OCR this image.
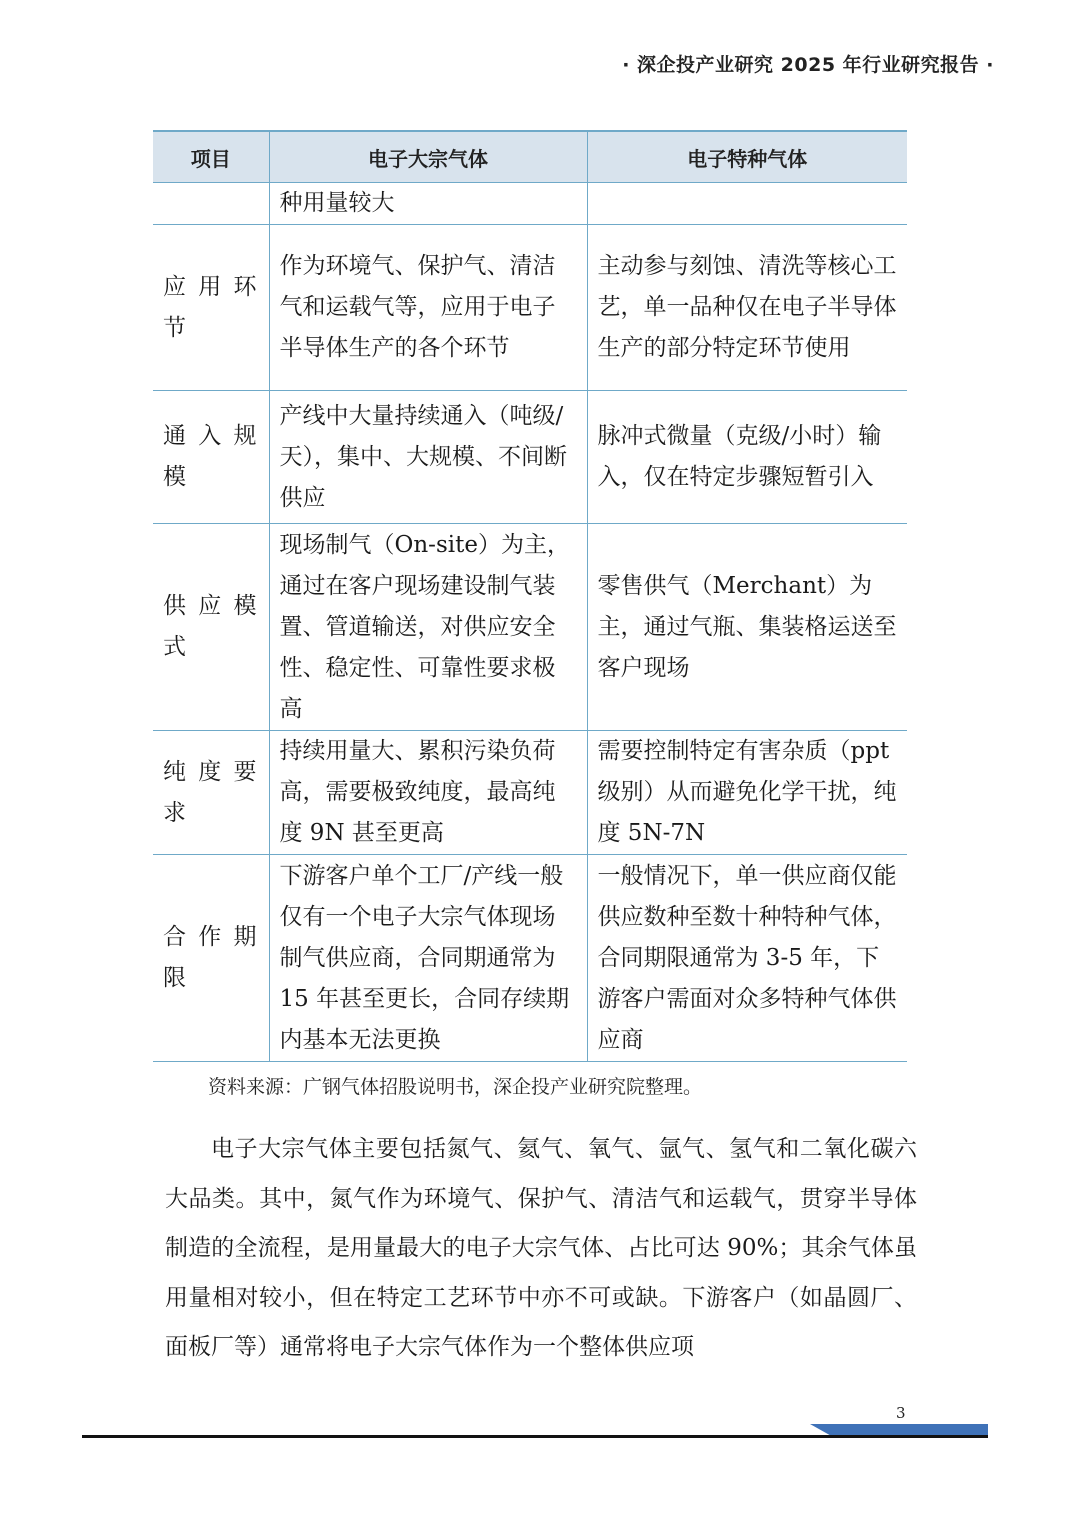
· 深企投产业研究 2025 年行业研究报告 ·
项目	电子大宗气体	电子特种气体
	种用量较大	
应用环节	作为环境气、保护气、清洁气和运载气等，应用于电子半导体生产的各个环节	主动参与刻蚀、清洗等核心工艺，单一品种仅在电子半导体生产的部分特定环节使用
通入规模	产线中大量持续通入（吨级/天），集中、大规模、不间断供应	脉冲式微量（克级/小时）输入，仅在特定步骤短暂引入
供应模式	现场制气（On-site）为主，通过在客户现场建设制气装置、管道输送，对供应安全性、稳定性、可靠性要求极高	零售供气（Merchant）为主，通过气瓶、集装格运送至客户现场
纯度要求	持续用量大、累积污染负荷高，需要极致纯度，最高纯度 9N 甚至更高	需要控制特定有害杂质（ppt 级别）从而避免化学干扰，纯度 5N-7N
合作期限	下游客户单个工厂/产线一般仅有一个电子大宗气体现场制气供应商，合同期通常为 15 年甚至更长，合同存续期内基本无法更换	一般情况下，单一供应商仅能供应数种至数十种特种气体，合同期限通常为 3-5 年，下游客户需面对众多特种气体供应商
资料来源：广钢气体招股说明书，深企投产业研究院整理。

电子大宗气体主要包括氮气、氦气、氧气、氩气、氢气和二氧化碳六大品类。其中，氮气作为环境气、保护气、清洁气和运载气，贯穿半导体制造的全流程，是用量最大的电子大宗气体、占比可达 90%；其余气体虽用量相对较小，但在特定工艺环节中亦不可或缺。下游客户（如晶圆厂、面板厂等）通常将电子大宗气体作为一个整体供应项

3
